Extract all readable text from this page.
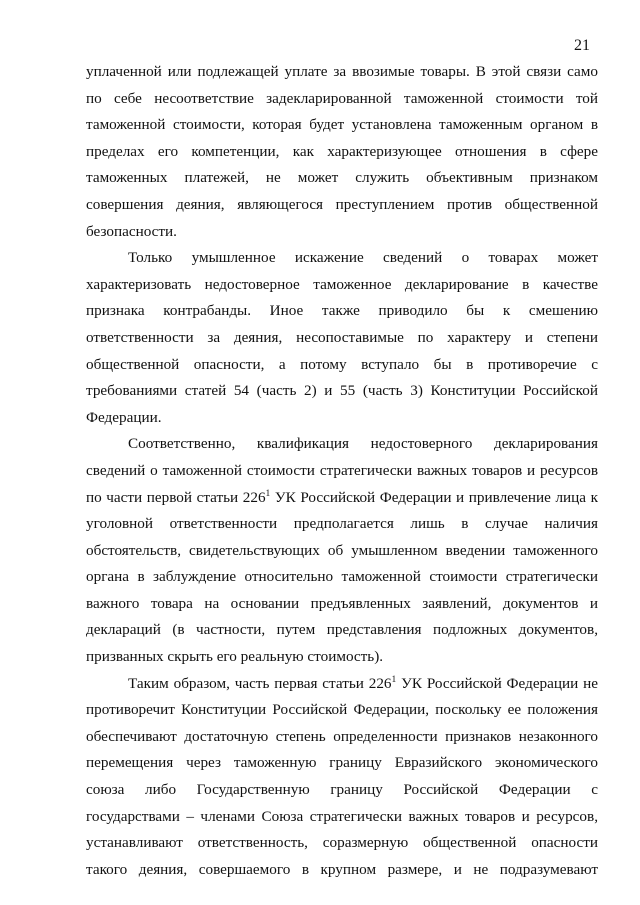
21
уплаченной или подлежащей уплате за ввозимые товары. В этой связи само
по себе несоответствие задекларированной таможенной стоимости той
таможенной стоимости, которая будет установлена таможенным органом в
пределах его компетенции, как характеризующее отношения в сфере
таможенных платежей, не может служить объективным признаком
совершения деяния, являющегося преступлением против общественной
безопасности.
Только умышленное искажение сведений о товарах может
характеризовать недостоверное таможенное декларирование в качестве
признака контрабанды. Иное также приводило бы к смешению
ответственности за деяния, несопоставимые по характеру и степени
общественной опасности, а потому вступало бы в противоречие с
требованиями статей 54 (часть 2) и 55 (часть 3) Конституции Российской
Федерации.
Соответственно, квалификация недостоверного декларирования
сведений о таможенной стоимости стратегически важных товаров и ресурсов
по части первой статьи $226^1$ УК Российской Федерации и привлечение лица к
уголовной ответственности предполагается лишь в случае наличия
обстоятельств, свидетельствующих об умышленном введении таможенного
органа в заблуждение относительно таможенной стоимости стратегически
важного товара на основании предъявленных заявлений, документов и
деклараций (в частности, путем представления подложных документов,
призванных скрыть его реальную стоимость).
Таким образом, часть первая статьи $226^1$ УК Российской Федерации не
противоречит Конституции Российской Федерации, поскольку ее положения
обеспечивают достаточную степень определенности признаков незаконного
перемещения через таможенную границу Евразийского экономического
союза либо Государственную границу Российской Федерации с
государствами – членами Союза стратегически важных товаров и ресурсов,
устанавливают ответственность, соразмерную общественной опасности
такого деяния, совершаемого в крупном размере, и не подразумевают
